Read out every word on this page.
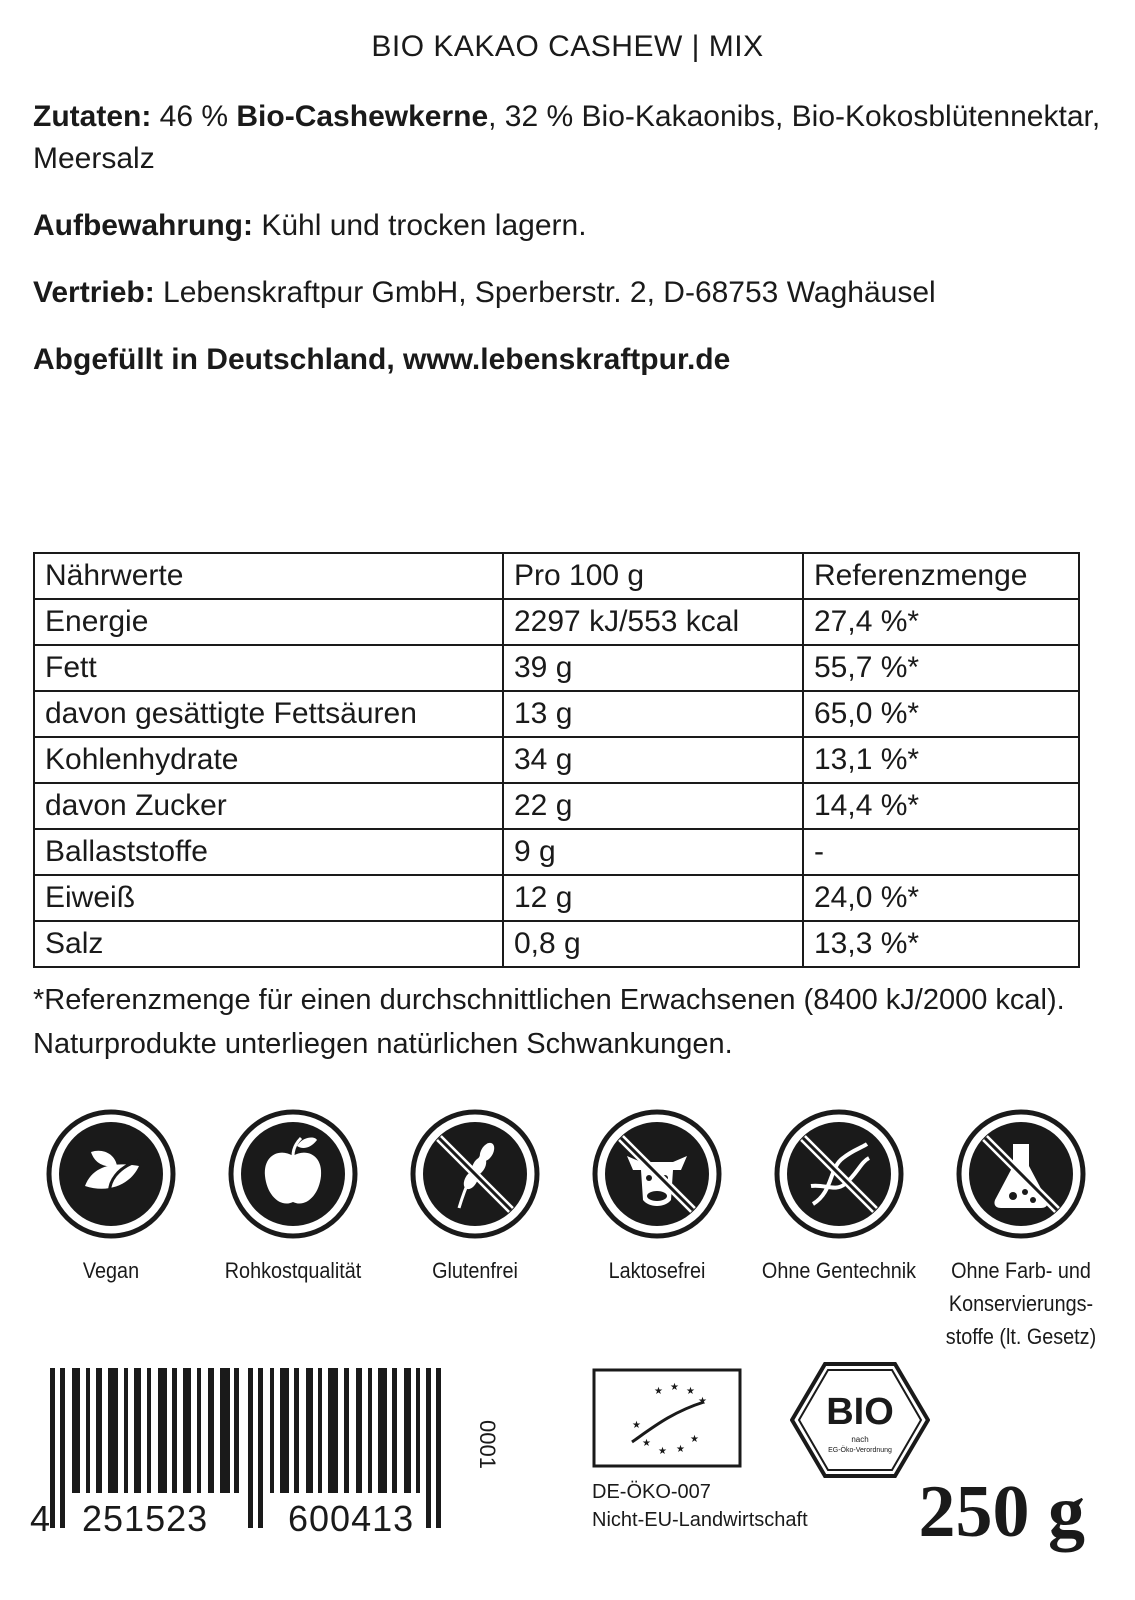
BIO KAKAO CASHEW | MIX
Zutaten: 46 % Bio-Cashewkerne, 32 % Bio-Kakaonibs, Bio-Kokosblütennektar, Meersalz
Aufbewahrung: Kühl und trocken lagern.
Vertrieb: Lebenskraftpur GmbH, Sperberstr. 2, D-68753 Waghäusel
Abgefüllt in Deutschland, www.lebenskraftpur.de
Nährwerte	Pro 100 g	Referenzmenge
Energie	2297 kJ/553 kcal	27,4 %*
Fett	39 g	55,7 %*
davon gesättigte Fettsäuren	13 g	65,0 %*
Kohlenhydrate	34 g	13,1 %*
davon Zucker	22 g	14,4 %*
Ballaststoffe	9 g	-
Eiweiß	12 g	24,0 %*
Salz	0,8 g	13,3 %*
*Referenzmenge für einen durchschnittlichen Erwachsenen (8400 kJ/2000 kcal).
Naturprodukte unterliegen natürlichen Schwankungen.
Vegan	Rohkostqualität	Glutenfrei	Laktosefrei	Ohne Gentechnik	Ohne Farb- und Konservierungs-stoffe (lt. Gesetz)
4 251523 600413
0001
★ ★ ★
★
★
★
★ ★
★
DE-ÖKO-007
Nicht-EU-Landwirtschaft
BIO
nach
EG-Öko-Verordnung
250 g
